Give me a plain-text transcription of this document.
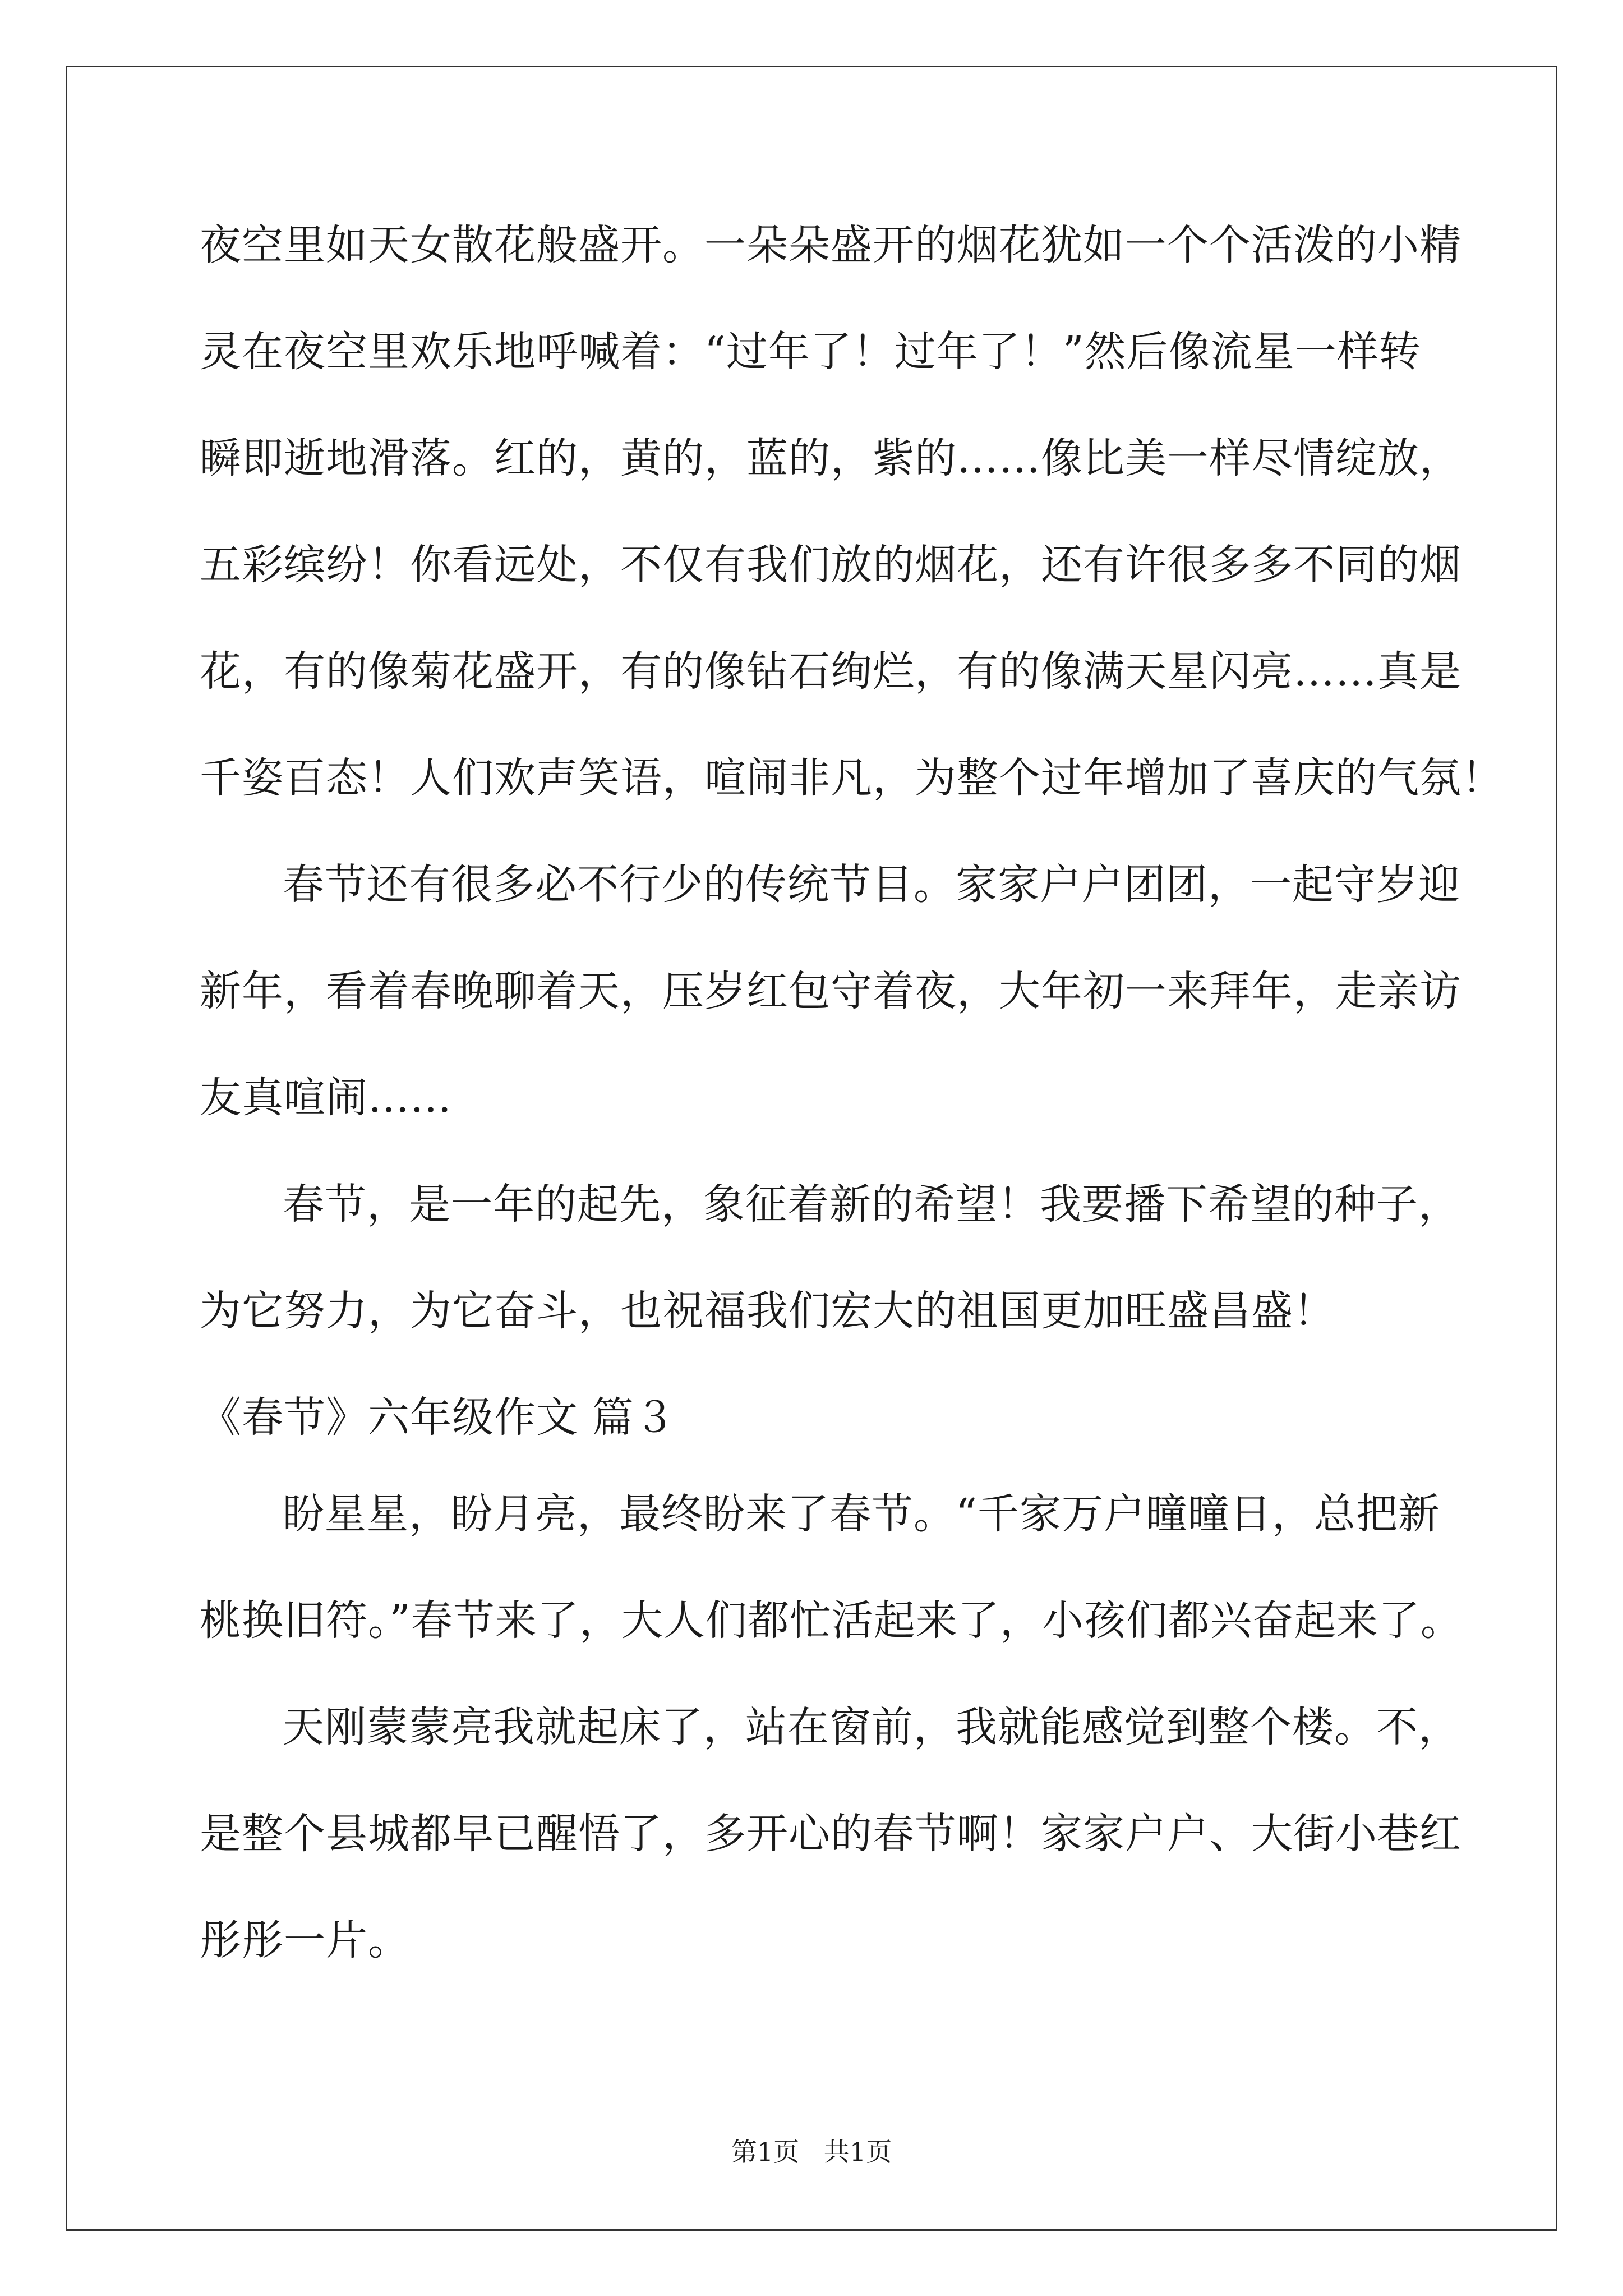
夜空里如天女散花般盛开。一朵朵盛开的烟花犹如一个个活泼的小精
灵在夜空里欢乐地呼喊着：“过年了！过年了！”然后像流星一样转
瞬即逝地滑落。红的，黄的，蓝的，紫的……像比美一样尽情绽放，
五彩缤纷！你看远处，不仅有我们放的烟花，还有许很多多不同的烟
花，有的像菊花盛开，有的像钻石绚烂，有的像满天星闪亮……真是
千姿百态！人们欢声笑语，喧闹非凡，为整个过年增加了喜庆的气氛！
春节还有很多必不行少的传统节目。家家户户团团，一起守岁迎
新年，看着春晚聊着天，压岁红包守着夜，大年初一来拜年，走亲访
友真喧闹……
春节，是一年的起先，象征着新的希望！我要播下希望的种子，
为它努力，为它奋斗，也祝福我们宏大的祖国更加旺盛昌盛！
《春节》六年级作文 篇３
盼星星，盼月亮，最终盼来了春节。“千家万户曈曈日，总把新
桃换旧符。”春节来了，大人们都忙活起来了，小孩们都兴奋起来了。
天刚蒙蒙亮我就起床了，站在窗前，我就能感觉到整个楼。不，
是整个县城都早已醒悟了，多开心的春节啊！家家户户、大街小巷红
彤彤一片。
第1页   共1页
